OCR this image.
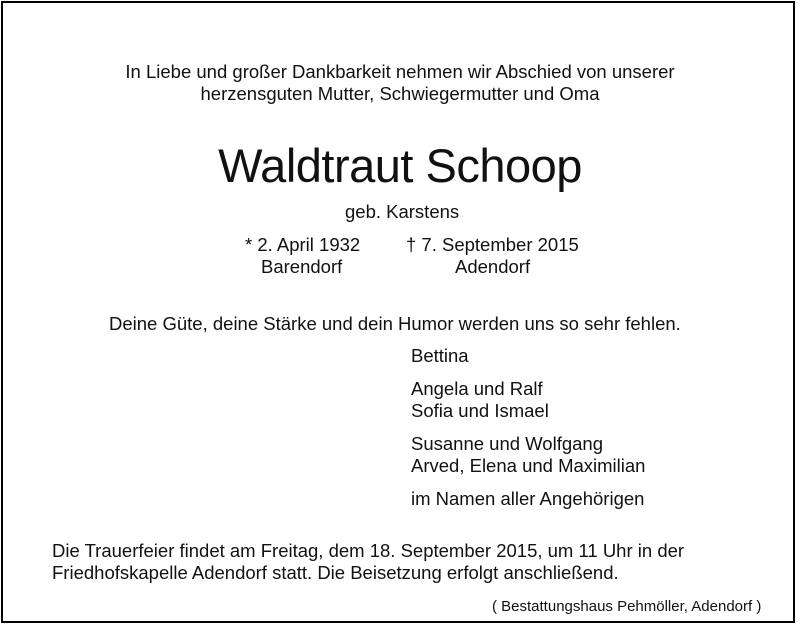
In Liebe und großer Dankbarkeit nehmen wir Abschied von unserer
herzensguten Mutter, Schwiegermutter und Oma
Waldtraut Schoop
geb. Karstens
* 2. April 1932
Barendorf
† 7. September 2015
Adendorf
Deine Güte, deine Stärke und dein Humor werden uns so sehr fehlen.
Bettina
Angela und Ralf
Sofia und Ismael
Susanne und Wolfgang
Arved, Elena und Maximilian
im Namen aller Angehörigen
Die Trauerfeier findet am Freitag, dem 18. September 2015, um 11 Uhr in der
Friedhofskapelle Adendorf statt. Die Beisetzung erfolgt anschließend.
( Bestattungshaus Pehmöller, Adendorf )
